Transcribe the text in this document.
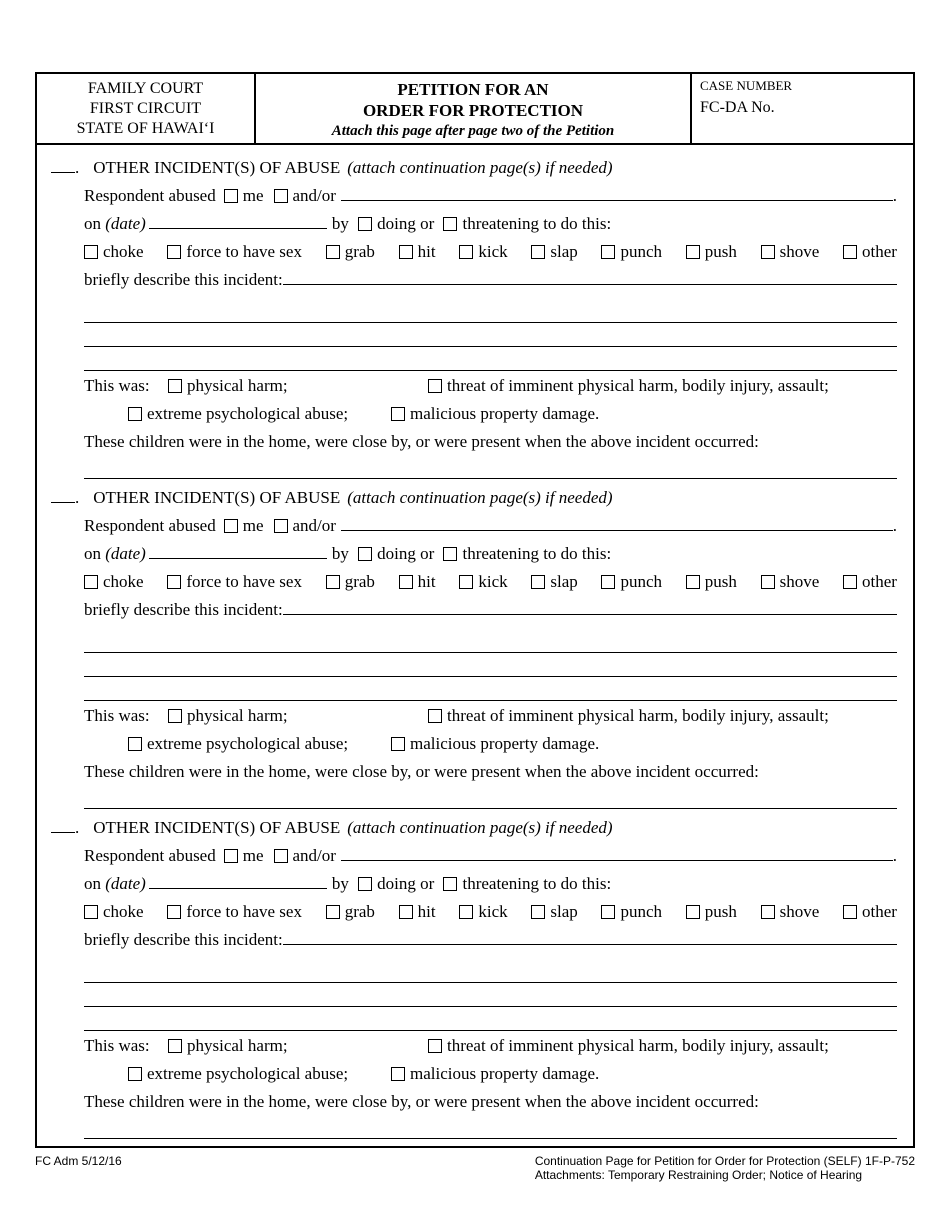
FAMILY COURT
FIRST CIRCUIT
STATE OF HAWAI‘I
PETITION FOR AN
ORDER FOR PROTECTION
Attach this page after page two of the Petition
CASE NUMBER
FC-DA No.
. OTHER INCIDENT(S) OF ABUSE (attach continuation page(s) if needed)
Respondent abused	me	and/or	.
on (date)	by doing or threatening to do this:
choke	force to have sex	grab	hit	kick	slap	punch	push	shove	other
briefly describe this incident:
This was:	physical harm;	threat of imminent physical harm, bodily injury, assault;
extreme psychological abuse;	malicious property damage.
These children were in the home, were close by, or were present when the above incident occurred:
. OTHER INCIDENT(S) OF ABUSE (attach continuation page(s) if needed)
Respondent abused	me	and/or	.
on (date)	by doing or threatening to do this:
choke	force to have sex	grab	hit	kick	slap	punch	push	shove	other
briefly describe this incident:
This was:	physical harm;	threat of imminent physical harm, bodily injury, assault;
extreme psychological abuse;	malicious property damage.
These children were in the home, were close by, or were present when the above incident occurred:
. OTHER INCIDENT(S) OF ABUSE (attach continuation page(s) if needed)
Respondent abused	me	and/or	.
on (date)	by doing or threatening to do this:
choke	force to have sex	grab	hit	kick	slap	punch	push	shove	other
briefly describe this incident:
This was:	physical harm;	threat of imminent physical harm, bodily injury, assault;
extreme psychological abuse;	malicious property damage.
These children were in the home, were close by, or were present when the above incident occurred:
FC Adm 5/12/16	Continuation Page for Petition for Order for Protection (SELF) 1F-P-752
Attachments: Temporary Restraining Order; Notice of Hearing
